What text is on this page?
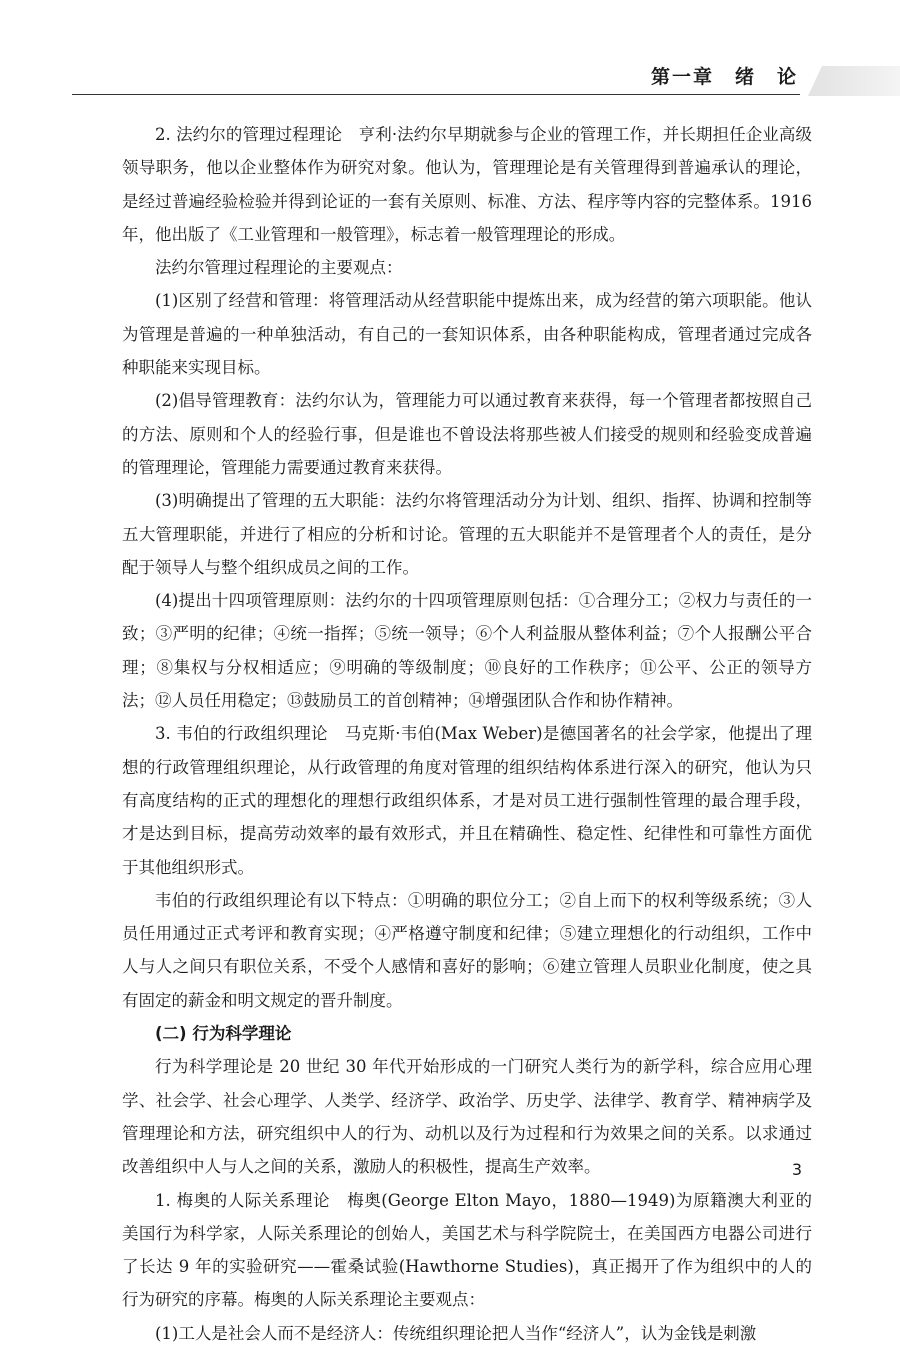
第一章　绪　论

2. 法约尔的管理过程理论　亨利·法约尔早期就参与企业的管理工作，并长期担任企业高级领导职务，他以企业整体作为研究对象。他认为，管理理论是有关管理得到普遍承认的理论，是经过普遍经验检验并得到论证的一套有关原则、标准、方法、程序等内容的完整体系。1916 年，他出版了《工业管理和一般管理》，标志着一般管理理论的形成。

法约尔管理过程理论的主要观点：

(1)区别了经营和管理：将管理活动从经营职能中提炼出来，成为经营的第六项职能。他认为管理是普遍的一种单独活动，有自己的一套知识体系，由各种职能构成，管理者通过完成各种职能来实现目标。

(2)倡导管理教育：法约尔认为，管理能力可以通过教育来获得，每一个管理者都按照自己的方法、原则和个人的经验行事，但是谁也不曾设法将那些被人们接受的规则和经验变成普遍的管理理论，管理能力需要通过教育来获得。

(3)明确提出了管理的五大职能：法约尔将管理活动分为计划、组织、指挥、协调和控制等五大管理职能，并进行了相应的分析和讨论。管理的五大职能并不是管理者个人的责任，是分配于领导人与整个组织成员之间的工作。

(4)提出十四项管理原则：法约尔的十四项管理原则包括：①合理分工；②权力与责任的一致；③严明的纪律；④统一指挥；⑤统一领导；⑥个人利益服从整体利益；⑦个人报酬公平合理；⑧集权与分权相适应；⑨明确的等级制度；⑩良好的工作秩序；⑪公平、公正的领导方法；⑫人员任用稳定；⑬鼓励员工的首创精神；⑭增强团队合作和协作精神。

3. 韦伯的行政组织理论　马克斯·韦伯(Max Weber)是德国著名的社会学家，他提出了理想的行政管理组织理论，从行政管理的角度对管理的组织结构体系进行深入的研究，他认为只有高度结构的正式的理想化的理想行政组织体系，才是对员工进行强制性管理的最合理手段，才是达到目标，提高劳动效率的最有效形式，并且在精确性、稳定性、纪律性和可靠性方面优于其他组织形式。

韦伯的行政组织理论有以下特点：①明确的职位分工；②自上而下的权利等级系统；③人员任用通过正式考评和教育实现；④严格遵守制度和纪律；⑤建立理想化的行动组织，工作中人与人之间只有职位关系，不受个人感情和喜好的影响；⑥建立管理人员职业化制度，使之具有固定的薪金和明文规定的晋升制度。

(二) 行为科学理论

行为科学理论是 20 世纪 30 年代开始形成的一门研究人类行为的新学科，综合应用心理学、社会学、社会心理学、人类学、经济学、政治学、历史学、法律学、教育学、精神病学及管理理论和方法，研究组织中人的行为、动机以及行为过程和行为效果之间的关系。以求通过改善组织中人与人之间的关系，激励人的积极性，提高生产效率。

1. 梅奥的人际关系理论　梅奥(George Elton Mayo，1880—1949)为原籍澳大利亚的美国行为科学家，人际关系理论的创始人，美国艺术与科学院院士，在美国西方电器公司进行了长达 9 年的实验研究——霍桑试验(Hawthorne Studies)，真正揭开了作为组织中的人的行为研究的序幕。梅奥的人际关系理论主要观点：

(1)工人是社会人而不是经济人：传统组织理论把人当作“经济人”，认为金钱是刺激

3
